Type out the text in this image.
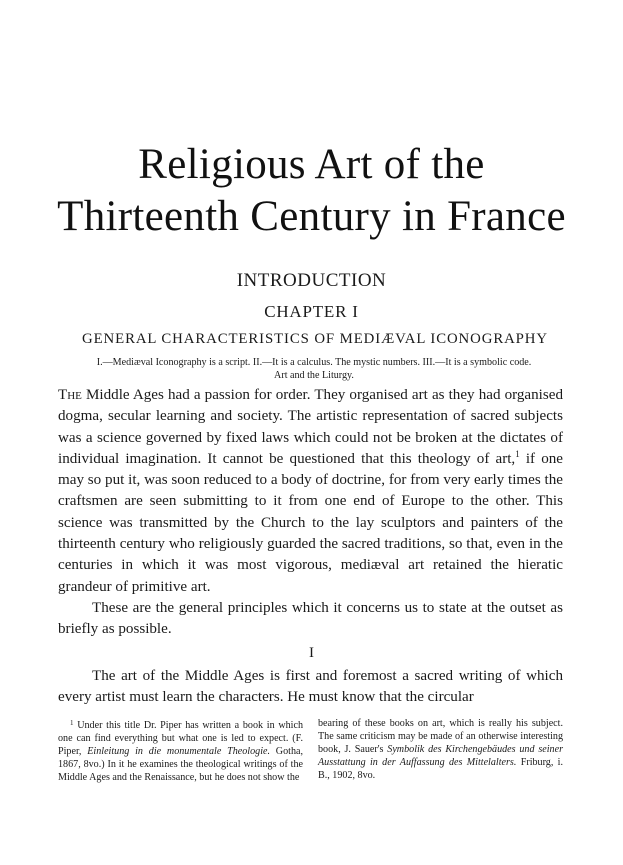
Religious Art of the
Thirteenth Century in France
INTRODUCTION
CHAPTER I
GENERAL CHARACTERISTICS OF MEDIÆVAL ICONOGRAPHY
I.—Mediæval Iconography is a script. II.—It is a calculus. The mystic numbers. III.—It is a symbolic code.
Art and the Liturgy.

The Middle Ages had a passion for order. They organised art as they had organised dogma, secular learning and society. The artistic representation of sacred subjects was a science governed by fixed laws which could not be broken at the dictates of individual imagination. It cannot be questioned that this theology of art,$^1$ if one may so put it, was soon reduced to a body of doctrine, for from very early times the craftsmen are seen submitting to it from one end of Europe to the other. This science was transmitted by the Church to the lay sculptors and painters of the thirteenth century who religiously guarded the sacred traditions, so that, even in the centuries in which it was most vigorous, mediæval art retained the hieratic grandeur of primitive art.

These are the general principles which it concerns us to state at the outset as briefly as possible.

I

The art of the Middle Ages is first and foremost a sacred writing of which every artist must learn the characters. He must know that the circular

$^1$ Under this title Dr. Piper has written a book in which one can find everything but what one is led to expect. (F. Piper, Einleitung in die monumentale Theologie. Gotha, 1867, 8vo.) In it he examines the theological writings of the Middle Ages and the Renaissance, but he does not show the

bearing of these books on art, which is really his subject. The same criticism may be made of an otherwise interesting book, J. Sauer's Symbolik des Kirchengebäudes und seiner Ausstattung in der Auffassung des Mittelalters. Friburg, i. B., 1902, 8vo.
